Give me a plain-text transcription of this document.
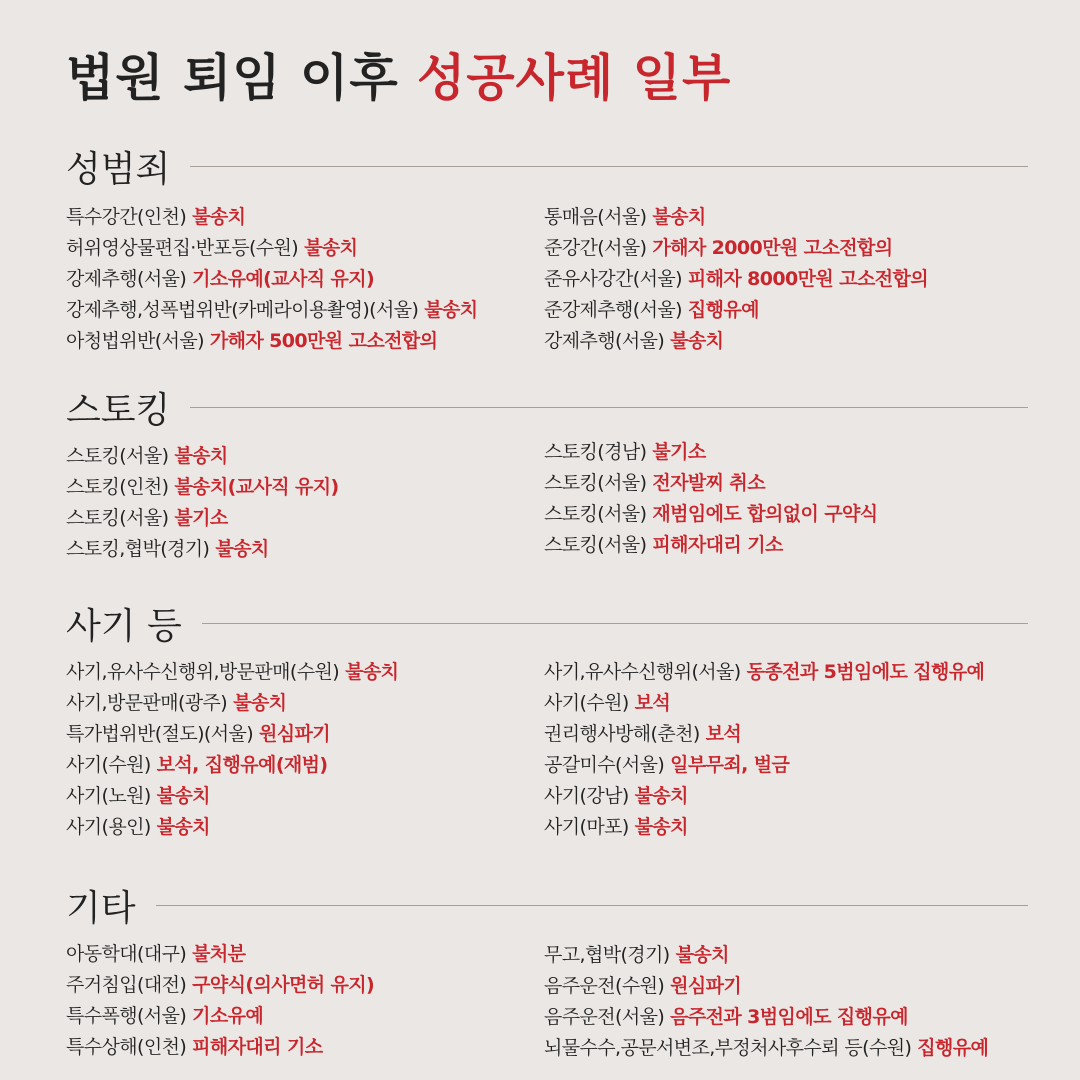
법원 퇴임 이후 성공사례 일부
성범죄
특수강간(인천) 불송치
허위영상물편집·반포등(수원) 불송치
강제추행(서울) 기소유예(교사직 유지)
강제추행,성폭법위반(카메라이용촬영)(서울) 불송치
아청법위반(서울) 가해자 500만원 고소전합의
통매음(서울) 불송치
준강간(서울) 가해자 2000만원 고소전합의
준유사강간(서울) 피해자 8000만원 고소전합의
준강제추행(서울) 집행유예
강제추행(서울) 불송치
스토킹
스토킹(서울) 불송치
스토킹(인천) 불송치(교사직 유지)
스토킹(서울) 불기소
스토킹,협박(경기) 불송치
스토킹(경남) 불기소
스토킹(서울) 전자발찌 취소
스토킹(서울) 재범임에도 합의없이 구약식
스토킹(서울) 피해자대리 기소
사기 등
사기,유사수신행위,방문판매(수원) 불송치
사기,방문판매(광주) 불송치
특가법위반(절도)(서울) 원심파기
사기(수원) 보석, 집행유예(재범)
사기(노원) 불송치
사기(용인) 불송치
사기,유사수신행위(서울) 동종전과 5범임에도 집행유예
사기(수원) 보석
권리행사방해(춘천) 보석
공갈미수(서울) 일부무죄, 벌금
사기(강남) 불송치
사기(마포) 불송치
기타
아동학대(대구) 불처분
주거침입(대전) 구약식(의사면허 유지)
특수폭행(서울) 기소유예
특수상해(인천) 피해자대리 기소
무고,협박(경기) 불송치
음주운전(수원) 원심파기
음주운전(서울) 음주전과 3범임에도 집행유예
뇌물수수,공문서변조,부정처사후수뢰 등(수원) 집행유예
